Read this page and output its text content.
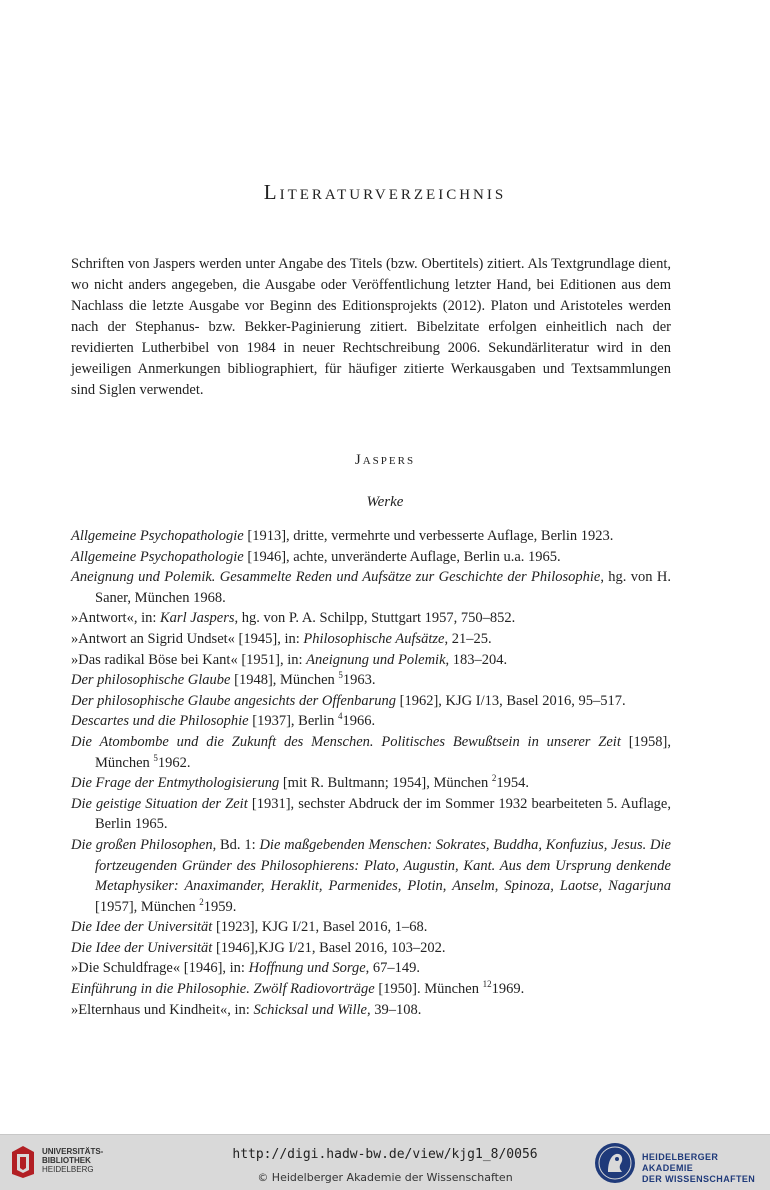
Literaturverzeichnis
Schriften von Jaspers werden unter Angabe des Titels (bzw. Obertitels) zitiert. Als Textgrundlage dient, wo nicht anders angegeben, die Ausgabe oder Veröffentlichung letzter Hand, bei Editionen aus dem Nachlass die letzte Ausgabe vor Beginn des Editionsprojekts (2012). Platon und Aristoteles werden nach der Stephanus- bzw. Bekker-Paginierung zitiert. Bibelzitate erfolgen einheitlich nach der revidierten Lutherbibel von 1984 in neuer Rechtschreibung 2006. Sekundärliteratur wird in den jeweiligen Anmerkungen bibliographiert, für häufiger zitierte Werkausgaben und Textsammlungen sind Siglen verwendet.
Jaspers
Werke
Allgemeine Psychopathologie [1913], dritte, vermehrte und verbesserte Auflage, Berlin 1923.
Allgemeine Psychopathologie [1946], achte, unveränderte Auflage, Berlin u.a. 1965.
Aneignung und Polemik. Gesammelte Reden und Aufsätze zur Geschichte der Philosophie, hg. von H. Saner, München 1968.
»Antwort«, in: Karl Jaspers, hg. von P. A. Schilpp, Stuttgart 1957, 750–852.
»Antwort an Sigrid Undset« [1945], in: Philosophische Aufsätze, 21–25.
»Das radikal Böse bei Kant« [1951], in: Aneignung und Polemik, 183–204.
Der philosophische Glaube [1948], München $^5$1963.
Der philosophische Glaube angesichts der Offenbarung [1962], KJG I/13, Basel 2016, 95–517.
Descartes und die Philosophie [1937], Berlin $^4$1966.
Die Atombombe und die Zukunft des Menschen. Politisches Bewußtsein in unserer Zeit [1958], München $^5$1962.
Die Frage der Entmythologisierung [mit R. Bultmann; 1954], München $^2$1954.
Die geistige Situation der Zeit [1931], sechster Abdruck der im Sommer 1932 bearbeiteten 5. Auflage, Berlin 1965.
Die großen Philosophen, Bd. 1: Die maßgebenden Menschen: Sokrates, Buddha, Konfuzius, Jesus. Die fortzeugenden Gründer des Philosophierens: Plato, Augustin, Kant. Aus dem Ursprung denkende Metaphysiker: Anaximander, Heraklit, Parmenides, Plotin, Anselm, Spinoza, Laotse, Nagarjuna [1957], München $^2$1959.
Die Idee der Universität [1923], KJG I/21, Basel 2016, 1–68.
Die Idee der Universität [1946],KJG I/21, Basel 2016, 103–202.
»Die Schuldfrage« [1946], in: Hoffnung und Sorge, 67–149.
Einführung in die Philosophie. Zwölf Radiovorträge [1950]. München $^{12}$1969.
»Elternhaus und Kindheit«, in: Schicksal und Wille, 39–108.
UNIVERSITÄTS-
BIBLIOTHEK
HEIDELBERG
http://digi.hadw-bw.de/view/kjg1_8/0056
© Heidelberger Akademie der Wissenschaften
HEIDELBERGER AKADEMIE
DER WISSENSCHAFTEN
